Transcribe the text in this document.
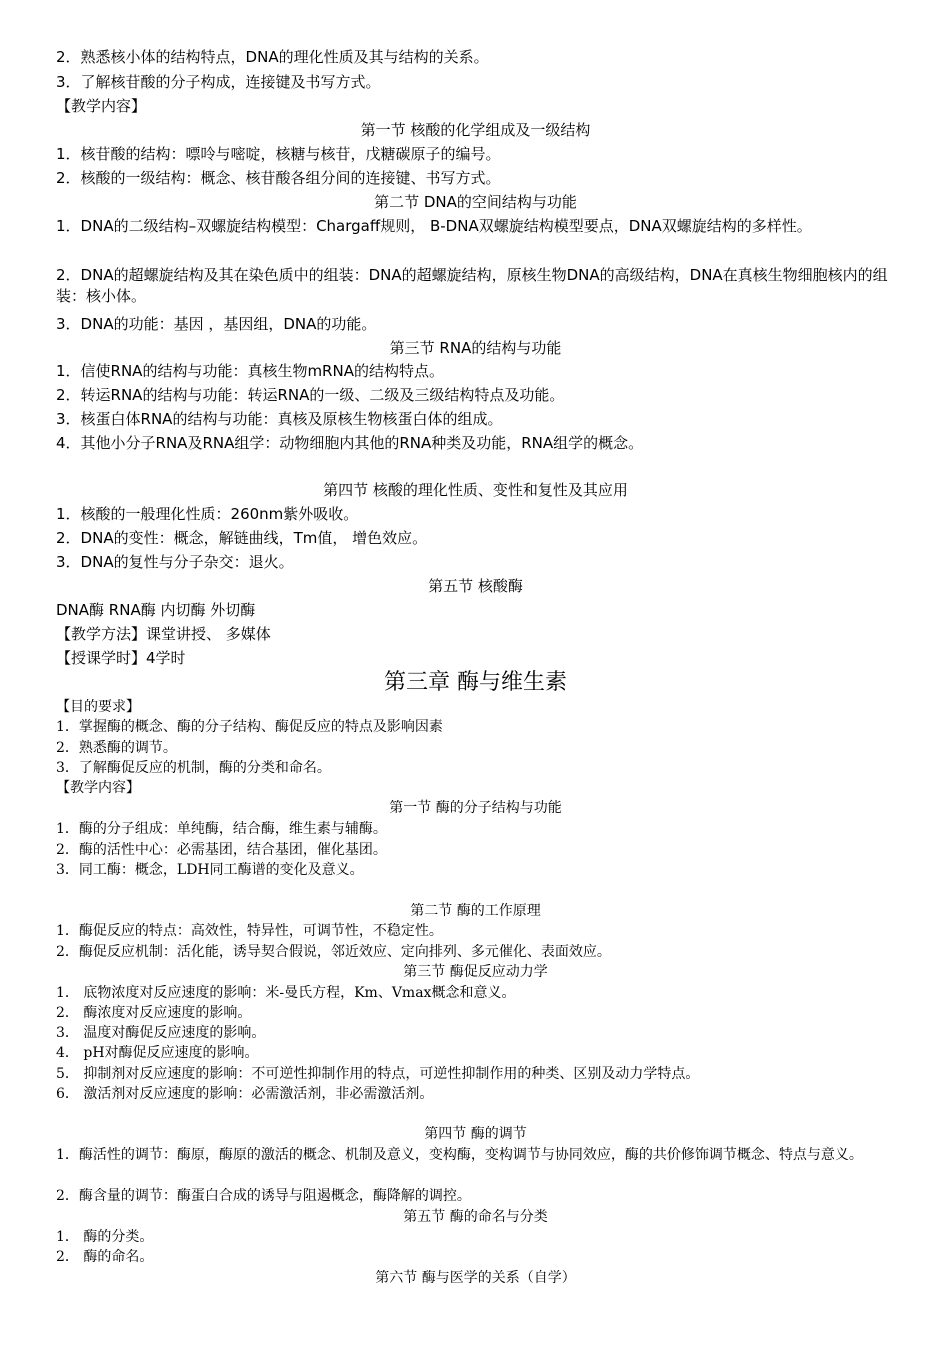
2．熟悉核小体的结构特点，DNA的理化性质及其与结构的关系。
3．了解核苷酸的分子构成，连接键及书写方式。
【教学内容】
第一节 核酸的化学组成及一级结构
1．核苷酸的结构：嘌呤与嘧啶，核糖与核苷，戊糖碳原子的编号。
2．核酸的一级结构：概念、核苷酸各组分间的连接键、书写方式。
第二节 DNA的空间结构与功能
1．DNA的二级结构–双螺旋结构模型：Chargaff规则， B-DNA双螺旋结构模型要点，DNA双螺旋结构的多样性。
2．DNA的超螺旋结构及其在染色质中的组装：DNA的超螺旋结构，原核生物DNA的高级结构，DNA在真核生物细胞核内的组装：核小体。
3．DNA的功能：基因 ，基因组，DNA的功能。
第三节 RNA的结构与功能
1．信使RNA的结构与功能：真核生物mRNA的结构特点。
2．转运RNA的结构与功能：转运RNA的一级、二级及三级结构特点及功能。
3．核蛋白体RNA的结构与功能：真核及原核生物核蛋白体的组成。
4．其他小分子RNA及RNA组学：动物细胞内其他的RNA种类及功能，RNA组学的概念。
第四节 核酸的理化性质、变性和复性及其应用
1．核酸的一般理化性质：260nm紫外吸收。
2．DNA的变性：概念，解链曲线，Tm值， 增色效应。
3．DNA的复性与分子杂交：退火。
第五节 核酸酶
DNA酶 RNA酶 内切酶 外切酶
【教学方法】课堂讲授、 多媒体
【授课学时】4学时
第三章 酶与维生素
【目的要求】
1．掌握酶的概念、酶的分子结构、酶促反应的特点及影响因素
2．熟悉酶的调节。
3．了解酶促反应的机制，酶的分类和命名。
【教学内容】
第一节 酶的分子结构与功能
1．酶的分子组成：单纯酶，结合酶，维生素与辅酶。
2．酶的活性中心：必需基团，结合基团，催化基团。
3．同工酶：概念，LDH同工酶谱的变化及意义。
第二节 酶的工作原理
1．酶促反应的特点：高效性，特异性，可调节性，不稳定性。
2．酶促反应机制：活化能，诱导契合假说，邻近效应、定向排列、多元催化、表面效应。
第三节 酶促反应动力学
1． 底物浓度对反应速度的影响：米-曼氏方程，Km、Vmax概念和意义。
2． 酶浓度对反应速度的影响。
3． 温度对酶促反应速度的影响。
4． pH对酶促反应速度的影响。
5． 抑制剂对反应速度的影响：不可逆性抑制作用的特点，可逆性抑制作用的种类、区别及动力学特点。
6． 激活剂对反应速度的影响：必需激活剂，非必需激活剂。
第四节 酶的调节
1．酶活性的调节：酶原，酶原的激活的概念、机制及意义，变构酶，变构调节与协同效应，酶的共价修饰调节概念、特点与意义。
2．酶含量的调节：酶蛋白合成的诱导与阻遏概念，酶降解的调控。
第五节 酶的命名与分类
1． 酶的分类。
2． 酶的命名。
第六节 酶与医学的关系（自学）
